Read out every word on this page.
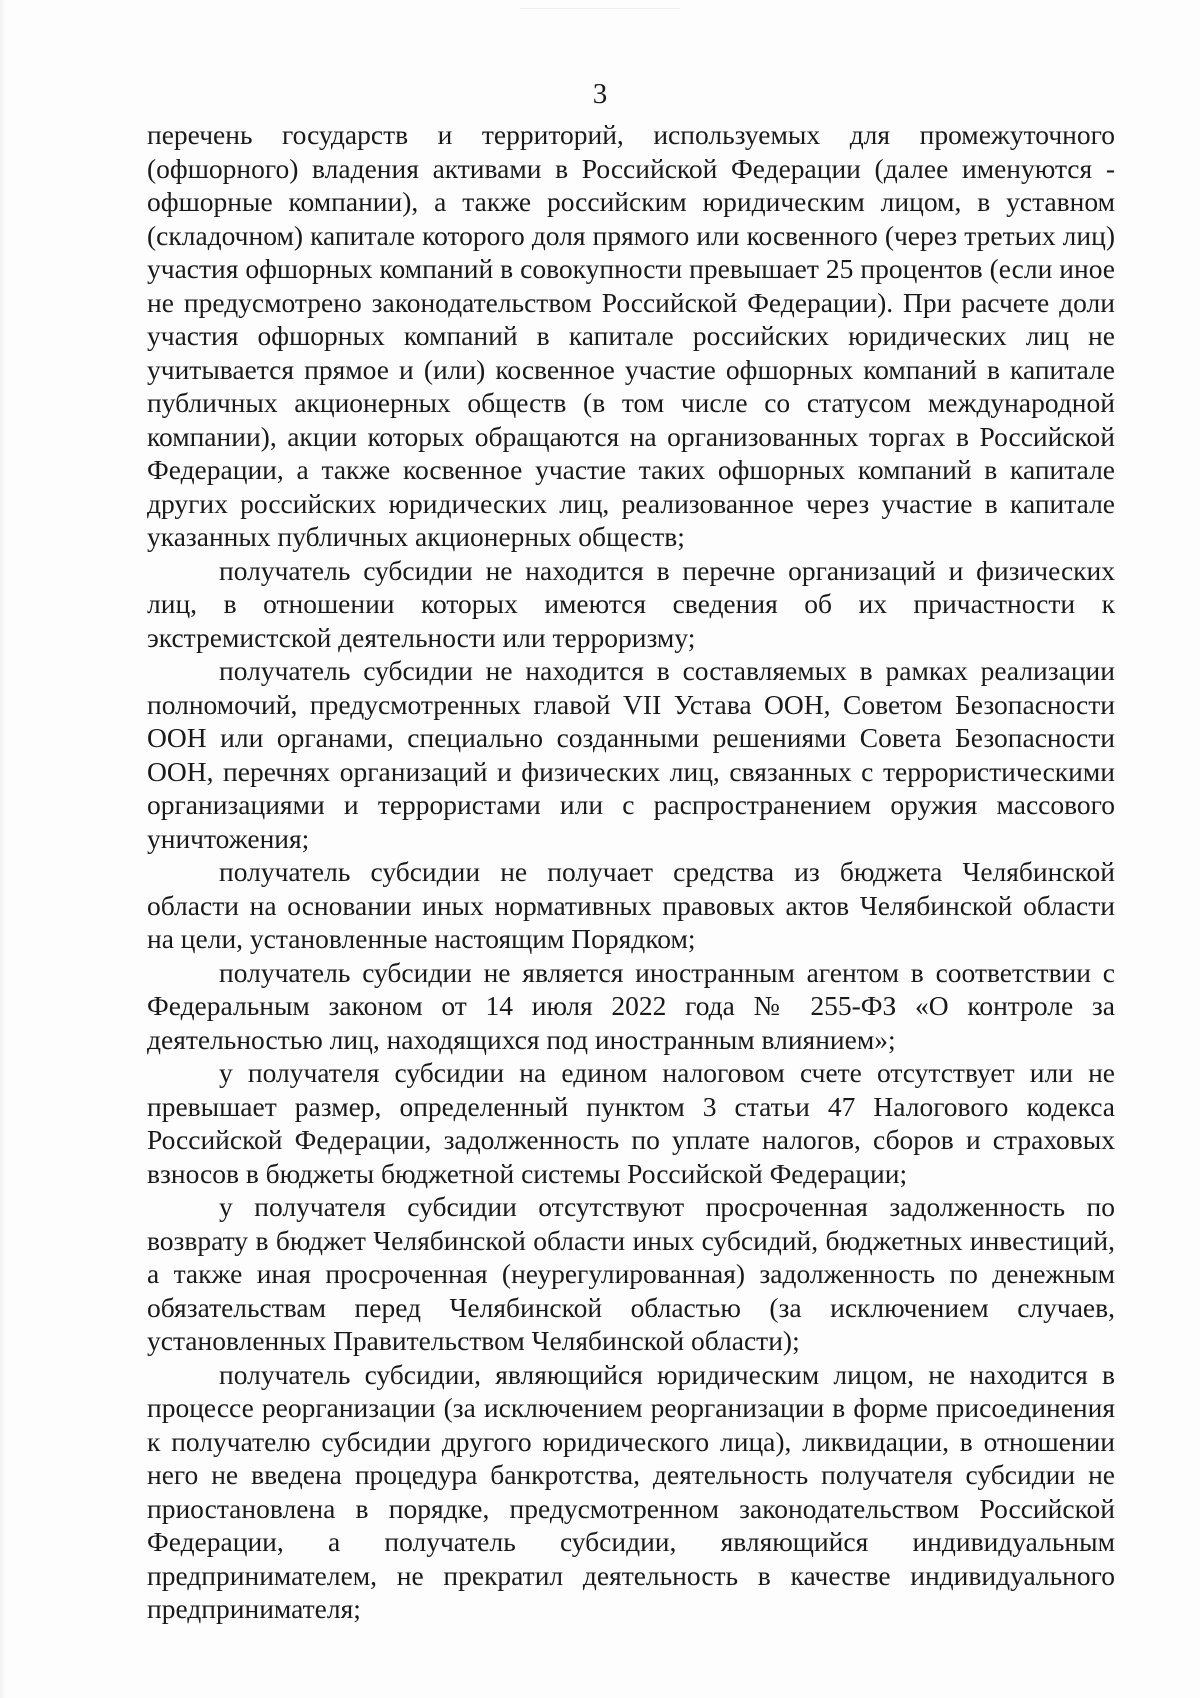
3

перечень государств и территорий, используемых для промежуточного (офшорного) владения активами в Российской Федерации (далее именуются - офшорные компании), а также российским юридическим лицом, в уставном (складочном) капитале которого доля прямого или косвенного (через третьих лиц) участия офшорных компаний в совокупности превышает 25 процентов (если иное не предусмотрено законодательством Российской Федерации). При расчете доли участия офшорных компаний в капитале российских юридических лиц не учитывается прямое и (или) косвенное участие офшорных компаний в капитале публичных акционерных обществ (в том числе со статусом международной компании), акции которых обращаются на организованных торгах в Российской Федерации, а также косвенное участие таких офшорных компаний в капитале других российских юридических лиц, реализованное через участие в капитале указанных публичных акционерных обществ;

получатель субсидии не находится в перечне организаций и физических лиц, в отношении которых имеются сведения об их причастности к экстремистской деятельности или терроризму;

получатель субсидии не находится в составляемых в рамках реализации полномочий, предусмотренных главой VII Устава ООН, Советом Безопасности ООН или органами, специально созданными решениями Совета Безопасности ООН, перечнях организаций и физических лиц, связанных с террористическими организациями и террористами или с распространением оружия массового уничтожения;

получатель субсидии не получает средства из бюджета Челябинской области на основании иных нормативных правовых актов Челябинской области на цели, установленные настоящим Порядком;

получатель субсидии не является иностранным агентом в соответствии с Федеральным законом от 14 июля 2022 года № 255-ФЗ «О контроле за деятельностью лиц, находящихся под иностранным влиянием»;

у получателя субсидии на едином налоговом счете отсутствует или не превышает размер, определенный пунктом 3 статьи 47 Налогового кодекса Российской Федерации, задолженность по уплате налогов, сборов и страховых взносов в бюджеты бюджетной системы Российской Федерации;

у получателя субсидии отсутствуют просроченная задолженность по возврату в бюджет Челябинской области иных субсидий, бюджетных инвестиций, а также иная просроченная (неурегулированная) задолженность по денежным обязательствам перед Челябинской областью (за исключением случаев, установленных Правительством Челябинской области);

получатель субсидии, являющийся юридическим лицом, не находится в процессе реорганизации (за исключением реорганизации в форме присоединения к получателю субсидии другого юридического лица), ликвидации, в отношении него не введена процедура банкротства, деятельность получателя субсидии не приостановлена в порядке, предусмотренном законодательством Российской Федерации, а получатель субсидии, являющийся индивидуальным предпринимателем, не прекратил деятельность в качестве индивидуального предпринимателя;
